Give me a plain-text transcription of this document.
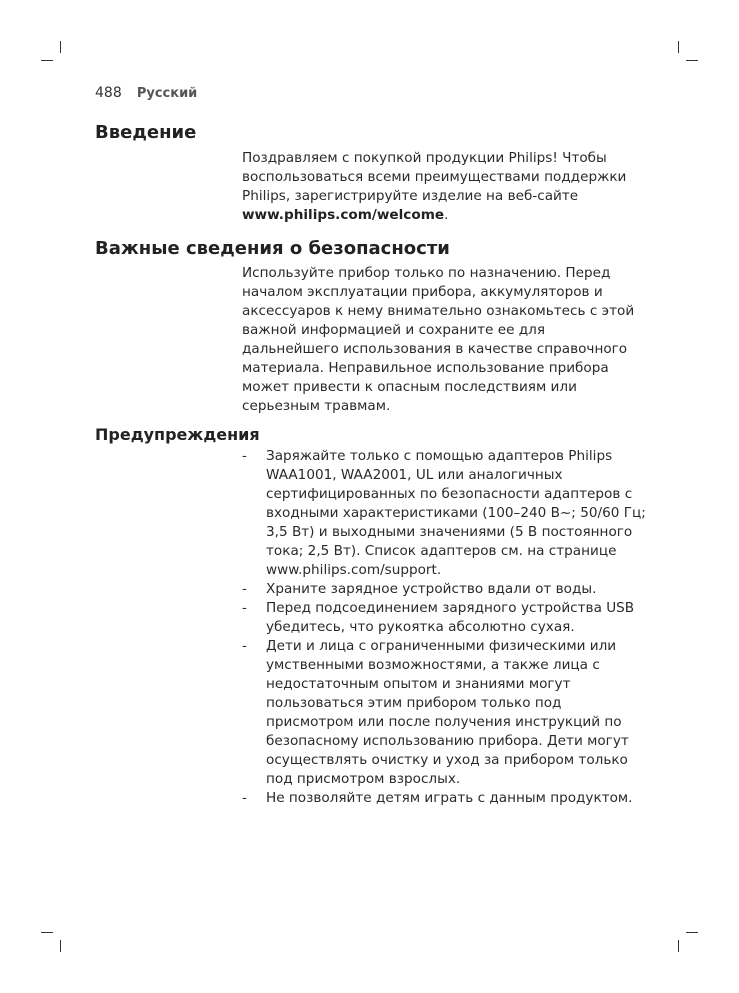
488 Русский
Введение

Поздравляем с покупкой продукции Philips! Чтобы воспользоваться всеми преимуществами поддержки Philips, зарегистрируйте изделие на веб-сайте www.philips.com/welcome.

Важные сведения о безопасности

Используйте прибор только по назначению. Перед началом эксплуатации прибора, аккумуляторов и аксессуаров к нему внимательно ознакомьтесь с этой важной информацией и сохраните ее для дальнейшего использования в качестве справочного материала. Неправильное использование прибора может привести к опасным последствиям или серьезным травмам.

Предупреждения
- Заряжайте только с помощью адаптеров Philips WAA1001, WAA2001, UL или аналогичных сертифицированных по безопасности адаптеров с входными характеристиками (100–240 В~; 50/60 Гц; 3,5 Вт) и выходными значениями (5 В постоянного тока; 2,5 Вт). Список адаптеров см. на странице www.philips.com/support.
- Храните зарядное устройство вдали от воды.
- Перед подсоединением зарядного устройства USB убедитесь, что рукоятка абсолютно сухая.
- Дети и лица с ограниченными физическими или умственными возможностями, а также лица с недостаточным опытом и знаниями могут пользоваться этим прибором только под присмотром или после получения инструкций по безопасному использованию прибора. Дети могут осуществлять очистку и уход за прибором только под присмотром взрослых.
- Не позволяйте детям играть с данным продуктом.
